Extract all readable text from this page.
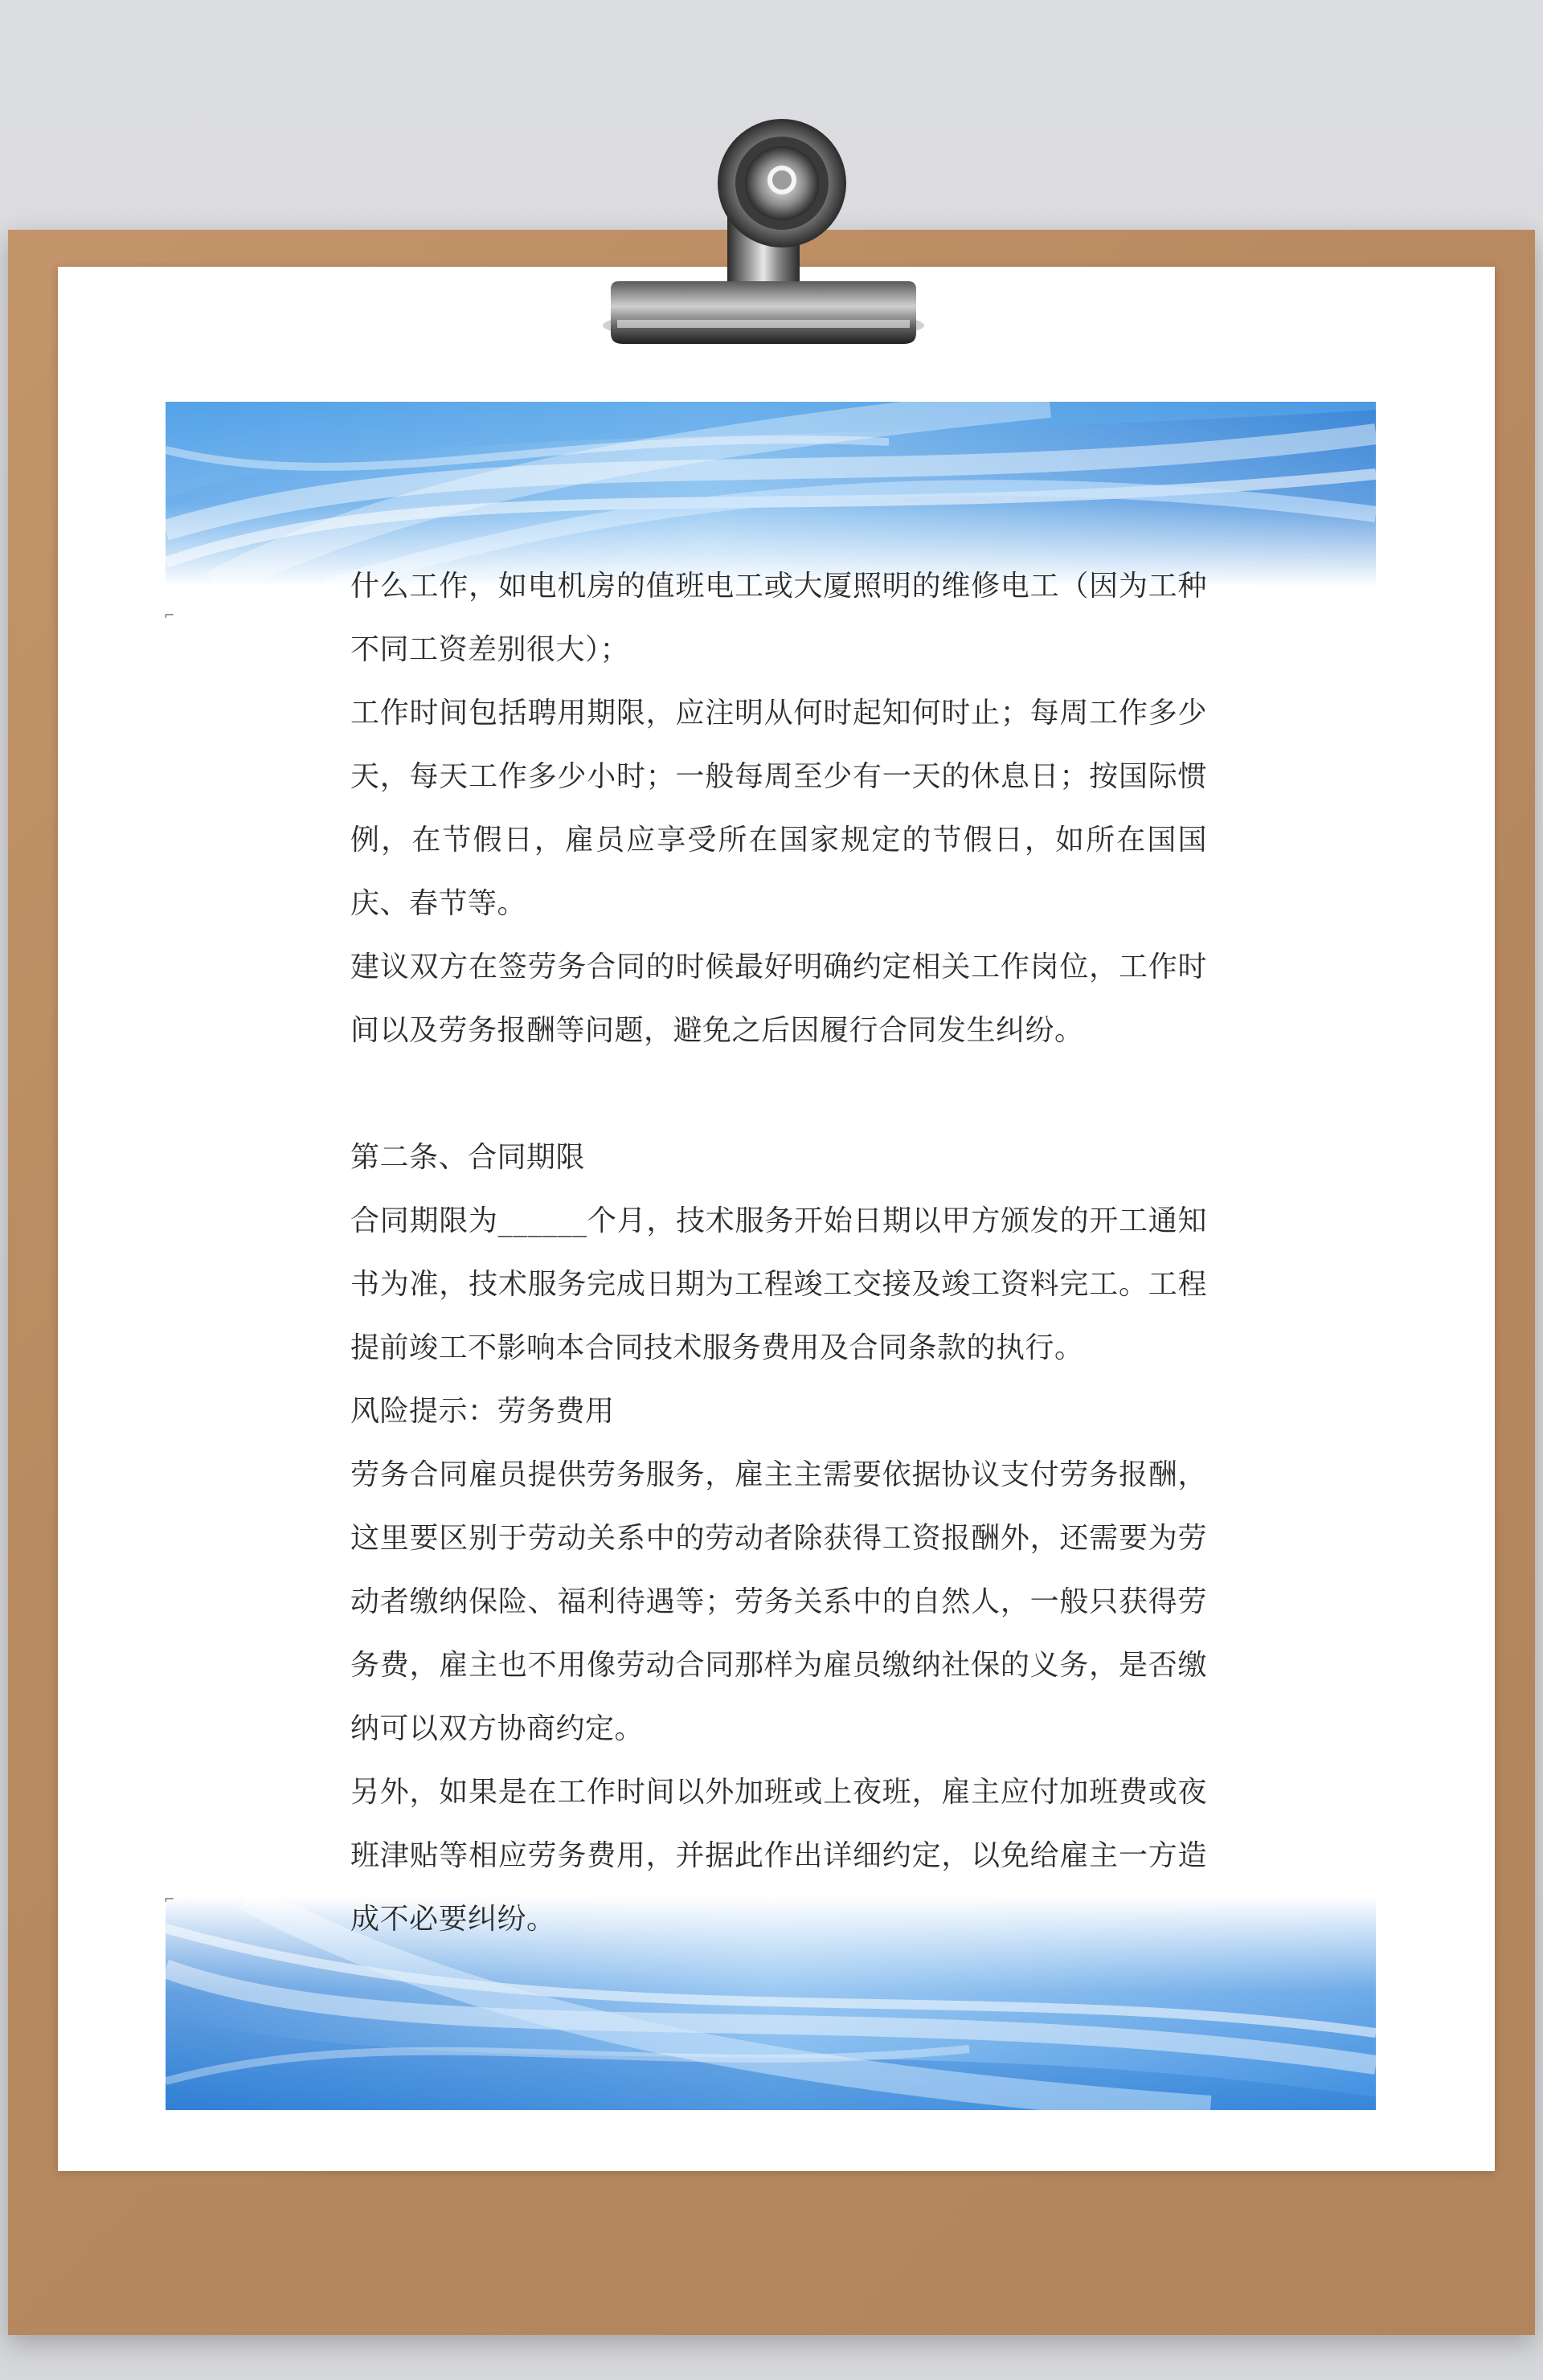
⌐
⌐

什么工作，如电机房的值班电工或大厦照明的维修电工（因为工种不同工资差别很大）；

工作时间包括聘用期限，应注明从何时起知何时止；每周工作多少天，每天工作多少小时；一般每周至少有一天的休息日；按国际惯例，在节假日，雇员应享受所在国家规定的节假日，如所在国国庆、春节等。

建议双方在签劳务合同的时候最好明确约定相关工作岗位，工作时间以及劳务报酬等问题，避免之后因履行合同发生纠纷。

第二条、合同期限

合同期限为______个月，技术服务开始日期以甲方颁发的开工通知书为准，技术服务完成日期为工程竣工交接及竣工资料完工。工程提前竣工不影响本合同技术服务费用及合同条款的执行。

风险提示：劳务费用

劳务合同雇员提供劳务服务，雇主主需要依据协议支付劳务报酬，这里要区别于劳动关系中的劳动者除获得工资报酬外，还需要为劳动者缴纳保险、福利待遇等；劳务关系中的自然人，一般只获得劳务费，雇主也不用像劳动合同那样为雇员缴纳社保的义务，是否缴纳可以双方协商约定。

另外，如果是在工作时间以外加班或上夜班，雇主应付加班费或夜班津贴等相应劳务费用，并据此作出详细约定，以免给雇主一方造成不必要纠纷。
